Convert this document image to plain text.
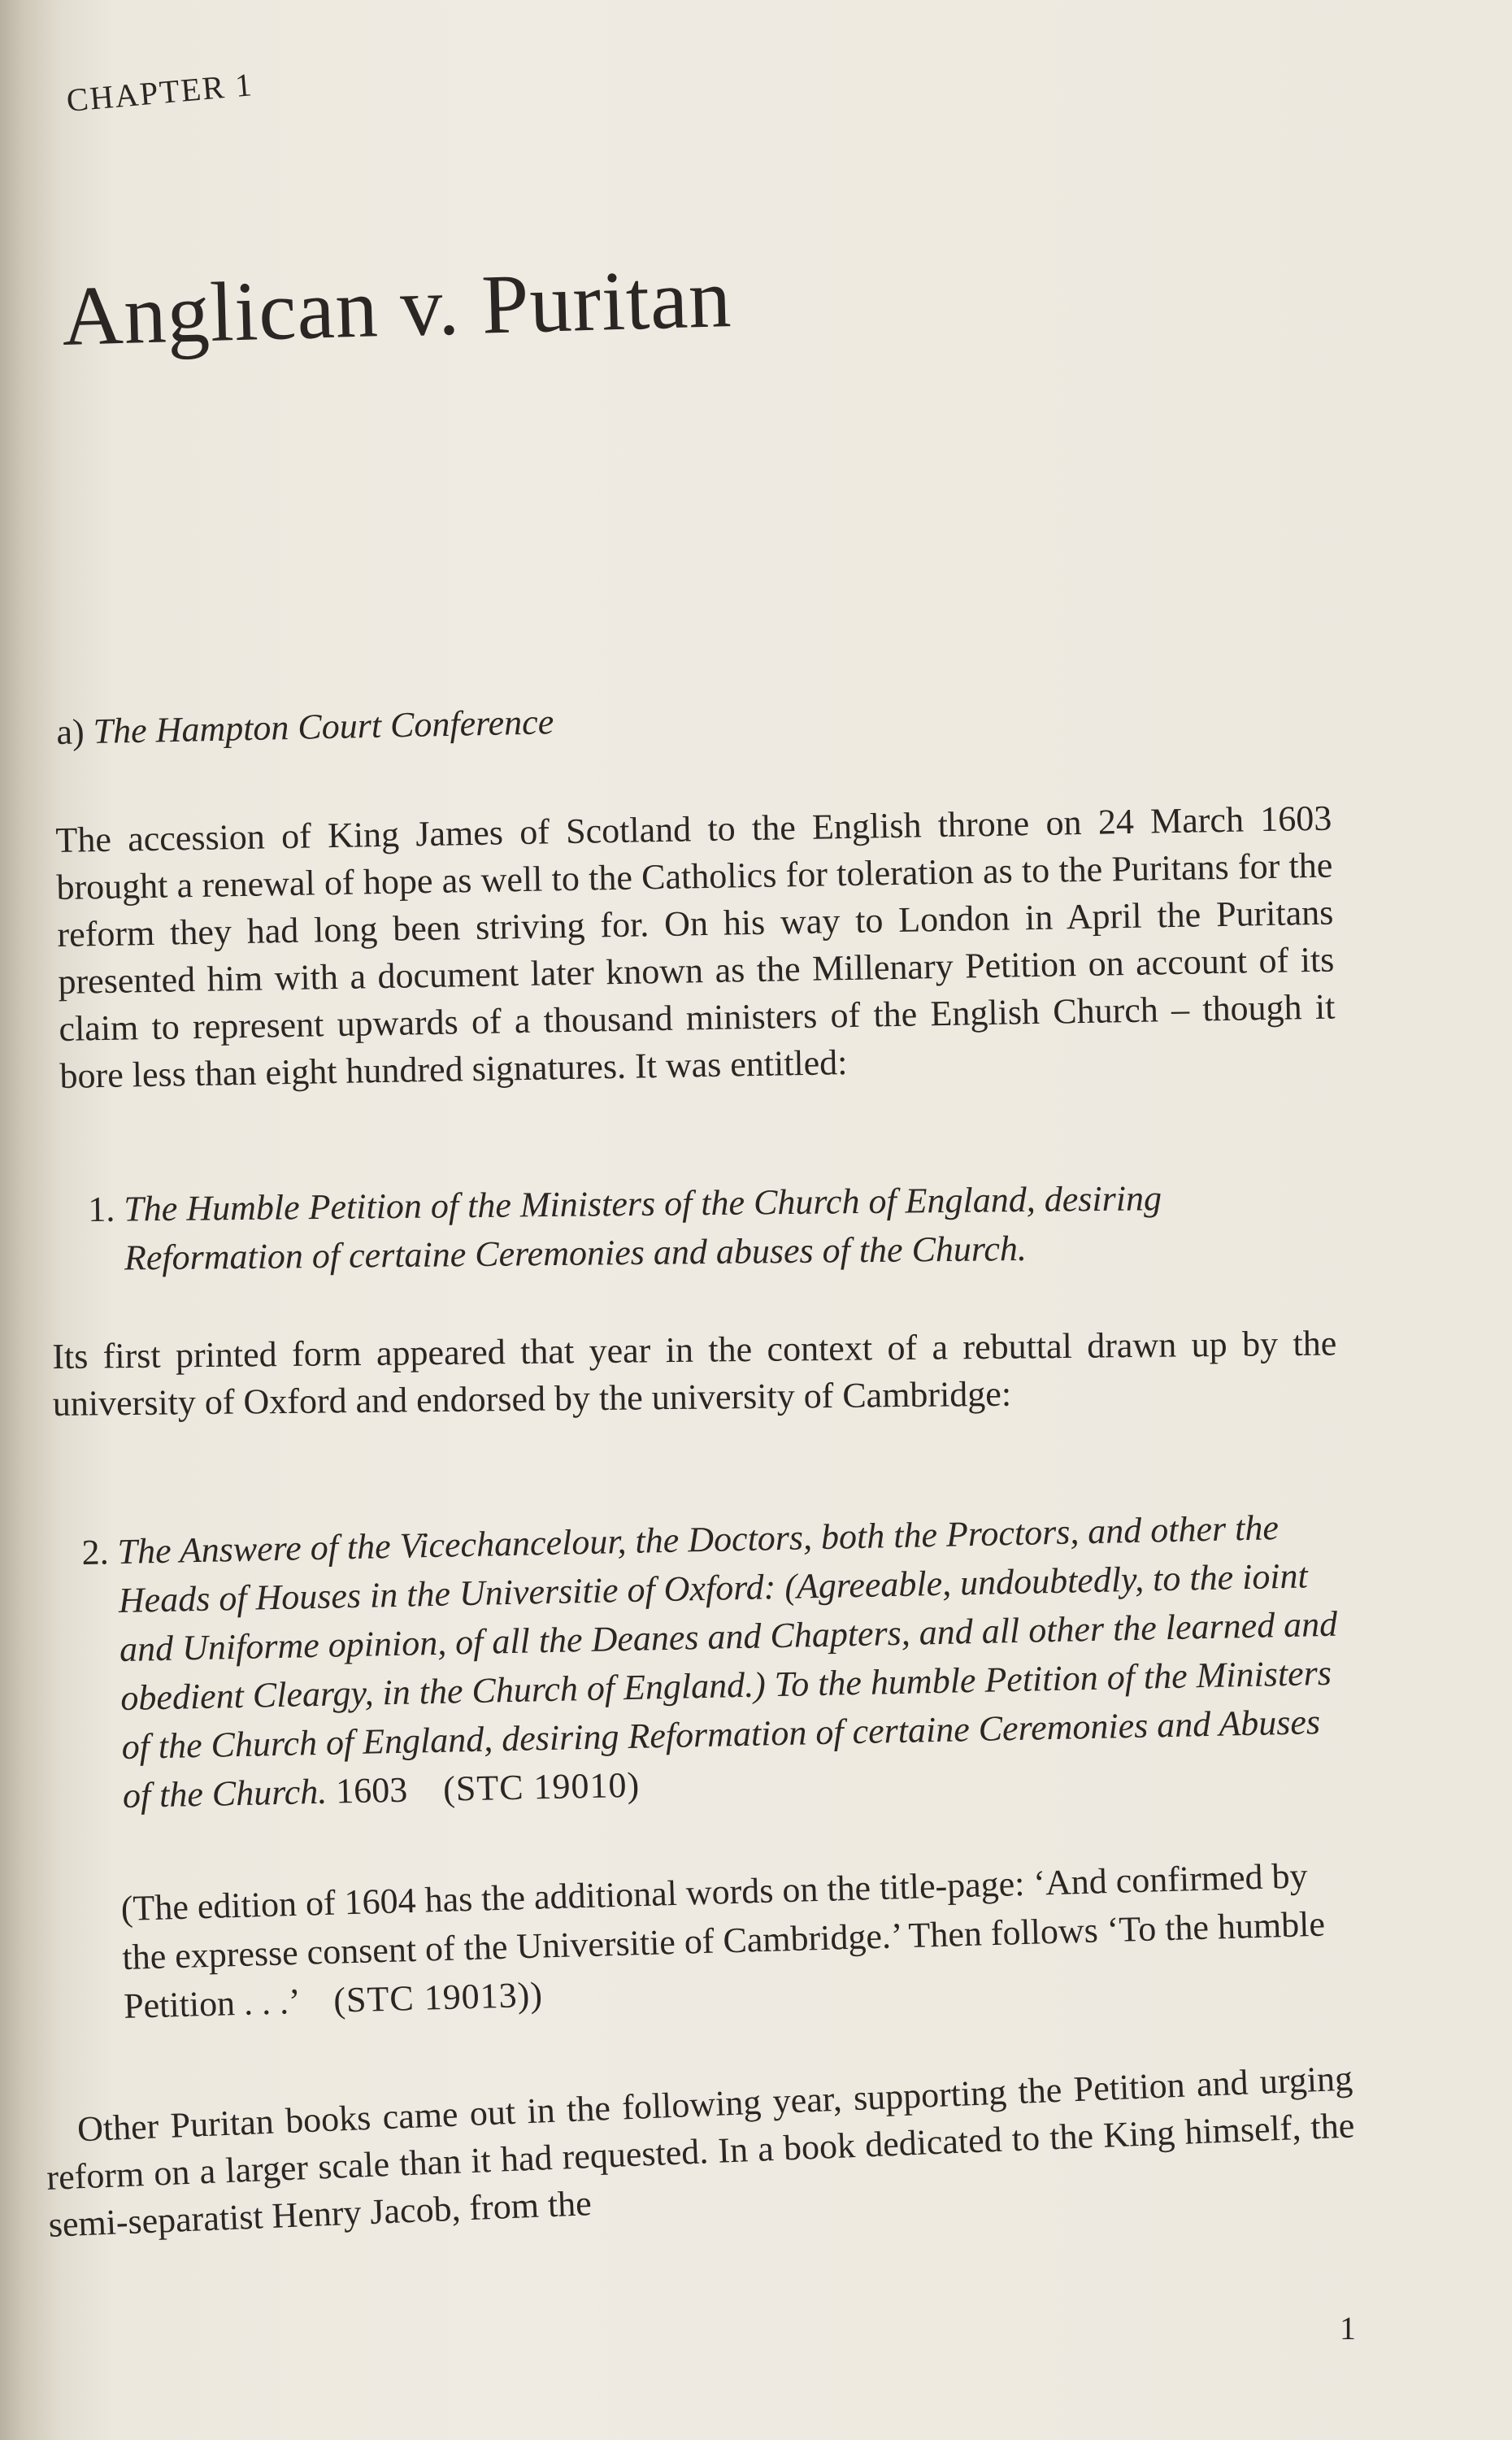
CHAPTER 1
Anglican v. Puritan
a) The Hampton Court Conference

The accession of King James of Scotland to the English throne on 24 March 1603 brought a renewal of hope as well to the Catholics for toleration as to the Puritans for the reform they had long been striving for. On his way to London in April the Puritans presented him with a document later known as the Millenary Petition on account of its claim to represent upwards of a thousand ministers of the English Church – though it bore less than eight hundred signatures. It was entitled:

1. The Humble Petition of the Ministers of the Church of England, desiring Reformation of certaine Ceremonies and abuses of the Church.

Its first printed form appeared that year in the context of a rebuttal drawn up by the university of Oxford and endorsed by the university of Cambridge:

2. The Answere of the Vicechancelour, the Doctors, both the Proctors, and other the Heads of Houses in the Universitie of Oxford: (Agreeable, undoubtedly, to the ioint and Uniforme opinion, of all the Deanes and Chapters, and all other the learned and obedient Cleargy, in the Church of England.) To the humble Petition of the Ministers of the Church of England, desiring Reformation of certaine Ceremonies and Abuses of the Church. 1603 (STC 19010)
(The edition of 1604 has the additional words on the title-page: ‘And confirmed by the expresse consent of the Universitie of Cambridge.’ Then follows ‘To the humble Petition . . .’ (STC 19013))

Other Puritan books came out in the following year, supporting the Petition and urging reform on a larger scale than it had requested. In a book dedicated to the King himself, the semi-separatist Henry Jacob, from the

1
